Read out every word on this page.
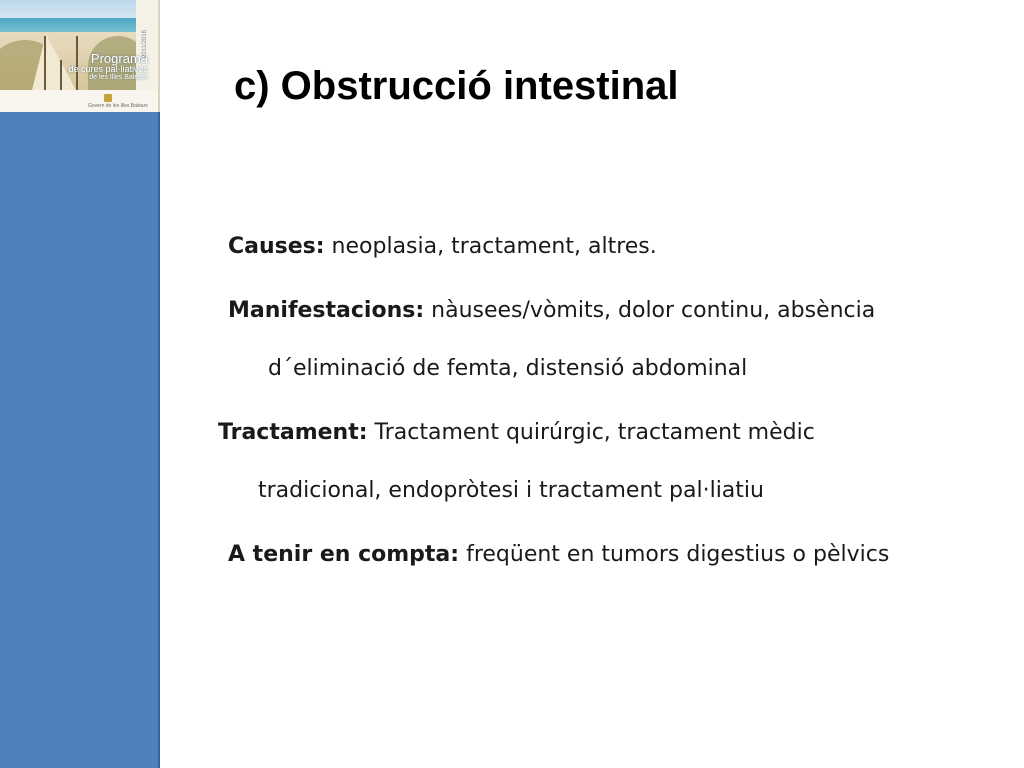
Programa
de cures pal·liatives
de les Illes Balears
2011/2016
Govern de les Illes Balears c) Obstrucció intestinal

Causes: neoplasia, tractament, altres.

Manifestacions: nàusees/vòmits, dolor continu, absència
d´eliminació de femta, distensió abdominal

Tractament: Tractament quirúrgic, tractament mèdic
tradicional, endopròtesi i tractament pal·liatiu

A tenir en compta: freqüent en tumors digestius o pèlvics
